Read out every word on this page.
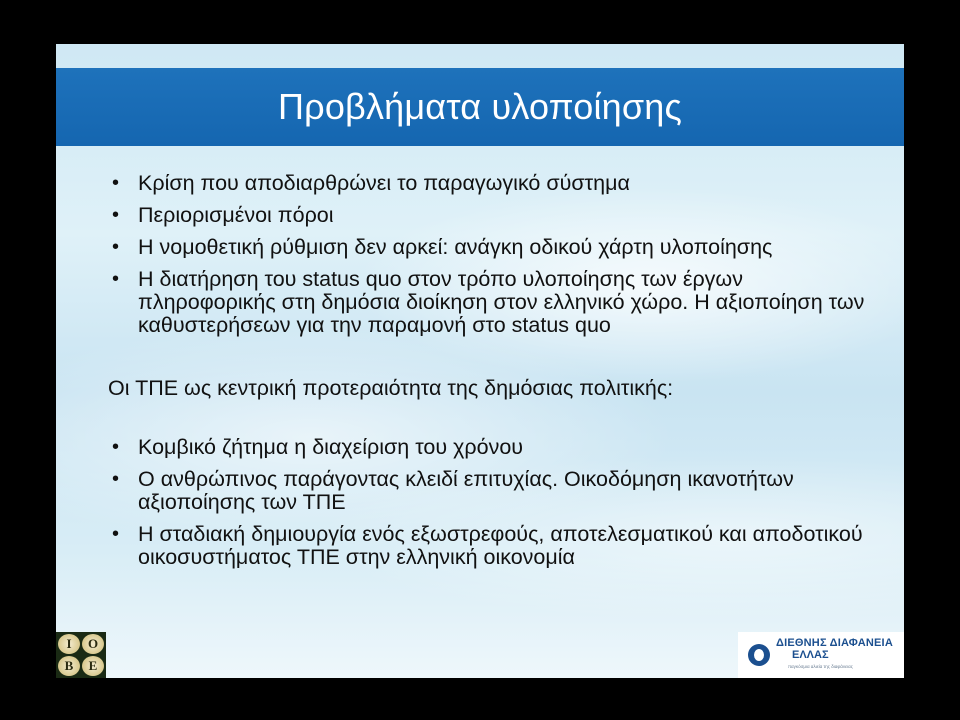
Προβλήματα υλοποίησης
• Κρίση που αποδιαρθρώνει το παραγωγικό σύστημα
• Περιορισμένοι πόροι
• Η νομοθετική ρύθμιση δεν αρκεί: ανάγκη οδικού χάρτη υλοποίησης
• Η διατήρηση του status quo στον τρόπο υλοποίησης των έργων πληροφορικής στη δημόσια διοίκηση στον ελληνικό χώρο. Η αξιοποίηση των καθυστερήσεων για την παραμονή στο status quo
Οι ΤΠΕ ως κεντρική προτεραιότητα της δημόσιας πολιτικής:
• Κομβικό ζήτημα η διαχείριση του χρόνου
• Ο ανθρώπινος παράγοντας κλειδί επιτυχίας. Οικοδόμηση ικανοτήτων αξιοποίησης των ΤΠΕ
• Η σταδιακή δημιουργία ενός εξωστρεφούς, αποτελεσματικού και αποδοτικού οικοσυστήματος ΤΠΕ στην ελληνική οικονομία
Ι	Ο
Β	Ε
ΔΙΕΘΝΗΣ ΔΙΑΦΑΝΕΙΑ
ΕΛΛΑΣ
παγκόσμια αλιεία της διαφάνειας
